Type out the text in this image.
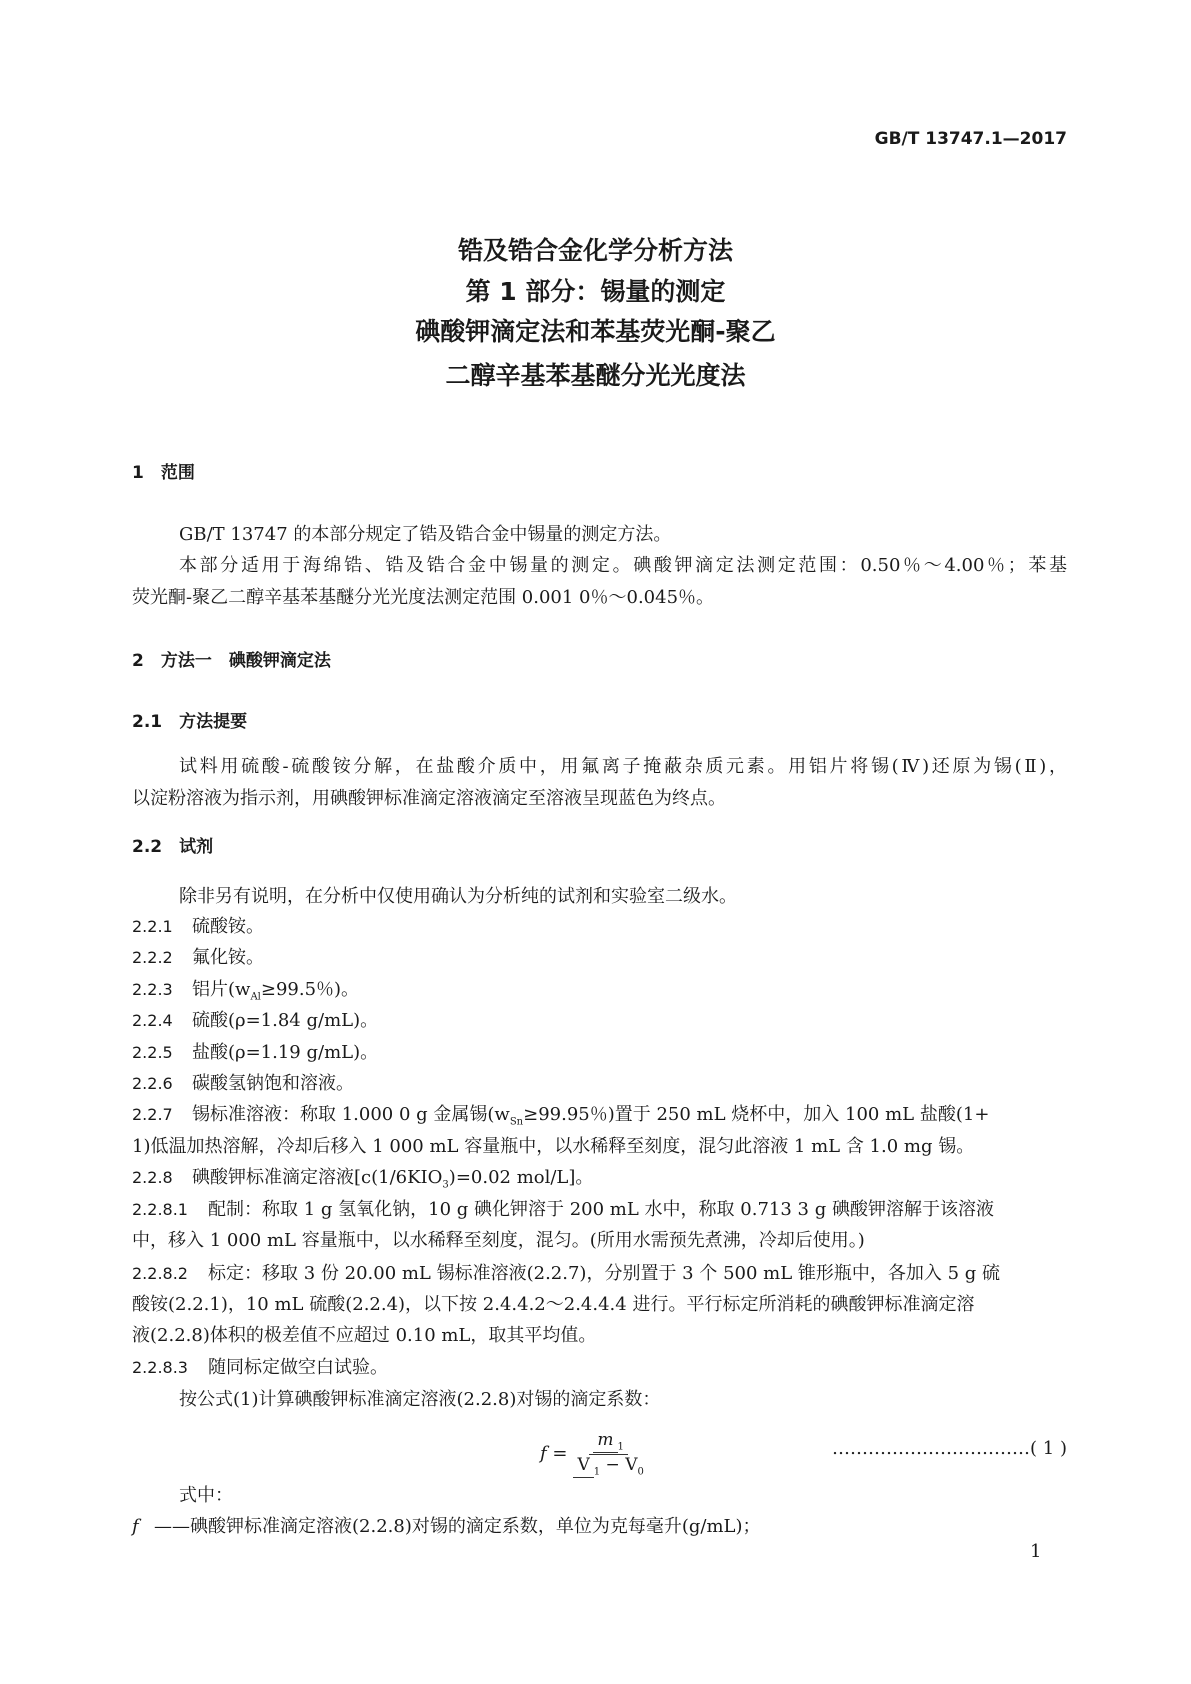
GB/T 13747.1—2017
锆及锆合金化学分析方法
第 1 部分：锡量的测定
碘酸钾滴定法和苯基荧光酮-聚乙
二醇辛基苯基醚分光光度法
1　范围
GB/T 13747 的本部分规定了锆及锆合金中锡量的测定方法。
本部分适用于海绵锆、锆及锆合金中锡量的测定。碘酸钾滴定法测定范围：0.50％～4.00％；苯基
荧光酮-聚乙二醇辛基苯基醚分光光度法测定范围 0.001 0％～0.045％。
2　方法一　碘酸钾滴定法
2.1　方法提要
试料用硫酸-硫酸铵分解，在盐酸介质中，用氟离子掩蔽杂质元素。用铝片将锡(Ⅳ)还原为锡(Ⅱ)，
以淀粉溶液为指示剂，用碘酸钾标准滴定溶液滴定至溶液呈现蓝色为终点。
2.2　试剂
除非另有说明，在分析中仅使用确认为分析纯的试剂和实验室二级水。
2.2.1 硫酸铵。
2.2.2 氟化铵。
2.2.3 铝片($w_{Al}\ge 99.5$％)。
2.2.4 硫酸(ρ=1.84 g/mL)。
2.2.5 盐酸(ρ=1.19 g/mL)。
2.2.6 碳酸氢钠饱和溶液。
2.2.7 锡标准溶液：称取 1.000 0 g 金属锡($w_{Sn}\ge 99.95$％)置于 250 mL 烧杯中，加入 100 mL 盐酸(1+
1)低温加热溶解，冷却后移入 1 000 mL 容量瓶中，以水稀释至刻度，混匀此溶液 1 mL 含 1.0 mg 锡。
2.2.8 碘酸钾标准滴定溶液[$c(1/6KIO_3)=0.02$ mol/L]。
2.2.8.1 配制：称取 1 g 氢氧化钠，10 g 碘化钾溶于 200 mL 水中，称取 0.713 3 g 碘酸钾溶解于该溶液
中，移入 1 000 mL 容量瓶中，以水稀释至刻度，混匀。(所用水需预先煮沸，冷却后使用。)
2.2.8.2 标定：移取 3 份 20.00 mL 锡标准溶液(2.2.7)，分别置于 3 个 500 mL 锥形瓶中，各加入 5 g 硫
酸铵(2.2.1)，10 mL 硫酸(2.2.4)，以下按 2.4.4.2～2.4.4.4 进行。平行标定所消耗的碘酸钾标准滴定溶
液(2.2.8)体积的极差值不应超过 0.10 mL，取其平均值。
2.2.8.3 随同标定做空白试验。
按公式(1)计算碘酸钾标准滴定溶液(2.2.8)对锡的滴定系数：
$f = \frac{m _1}{V _1 - V_0}$	……………………………( 1 )
式中：
f ——碘酸钾标准滴定溶液(2.2.8)对锡的滴定系数，单位为克每毫升(g/mL)；
1
